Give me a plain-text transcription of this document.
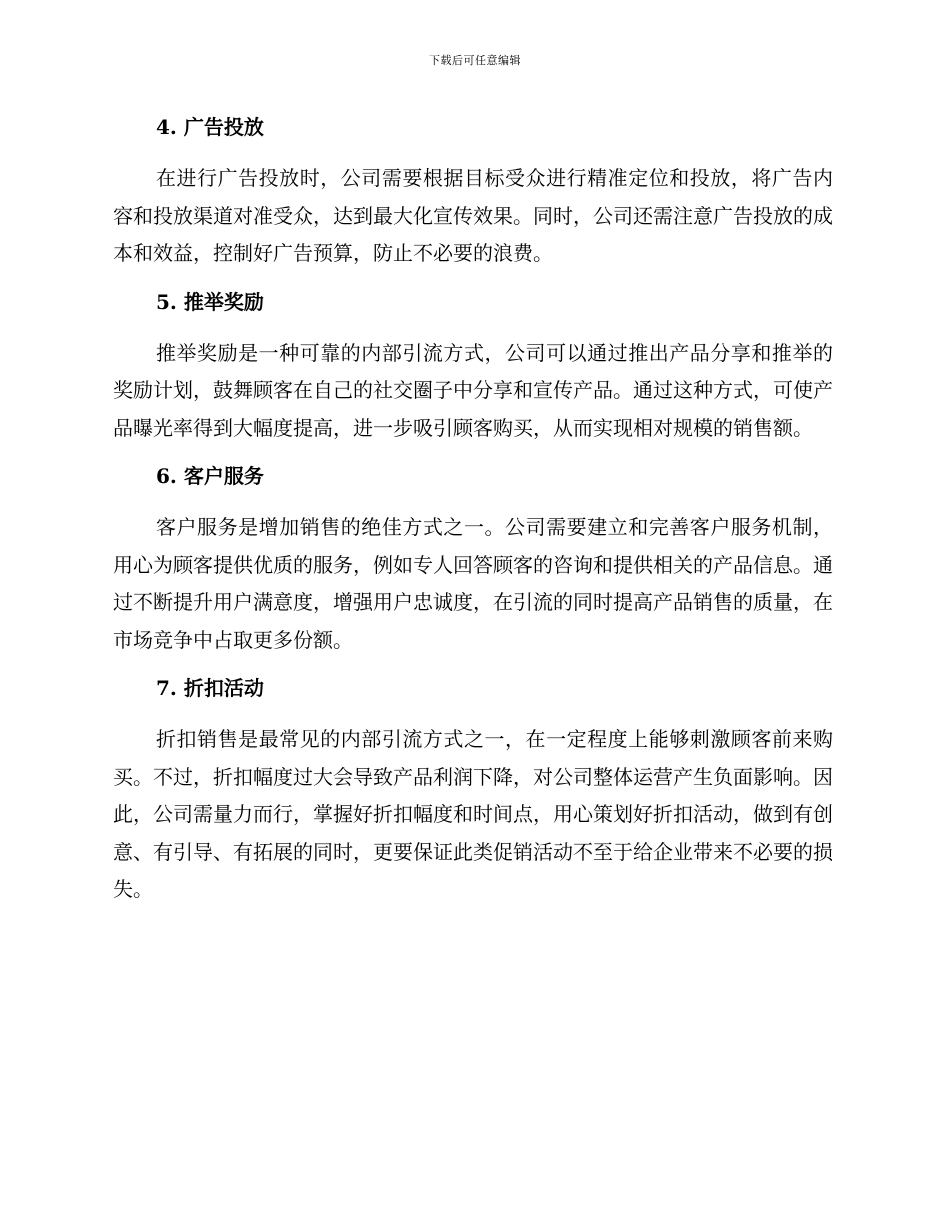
下载后可任意编辑
4. 广告投放

在进行广告投放时，公司需要根据目标受众进行精准定位和投放，将广告内容和投放渠道对准受众，达到最大化宣传效果。同时，公司还需注意广告投放的成本和效益，控制好广告预算，防止不必要的浪费。

5. 推举奖励

推举奖励是一种可靠的内部引流方式，公司可以通过推出产品分享和推举的奖励计划，鼓舞顾客在自己的社交圈子中分享和宣传产品。通过这种方式，可使产品曝光率得到大幅度提高，进一步吸引顾客购买，从而实现相对规模的销售额。

6. 客户服务

客户服务是增加销售的绝佳方式之一。公司需要建立和完善客户服务机制，用心为顾客提供优质的服务，例如专人回答顾客的咨询和提供相关的产品信息。通过不断提升用户满意度，增强用户忠诚度，在引流的同时提高产品销售的质量，在市场竞争中占取更多份额。

7. 折扣活动

折扣销售是最常见的内部引流方式之一，在一定程度上能够刺激顾客前来购买。不过，折扣幅度过大会导致产品利润下降，对公司整体运营产生负面影响。因此，公司需量力而行，掌握好折扣幅度和时间点，用心策划好折扣活动，做到有创意、有引导、有拓展的同时，更要保证此类促销活动不至于给企业带来不必要的损失。
